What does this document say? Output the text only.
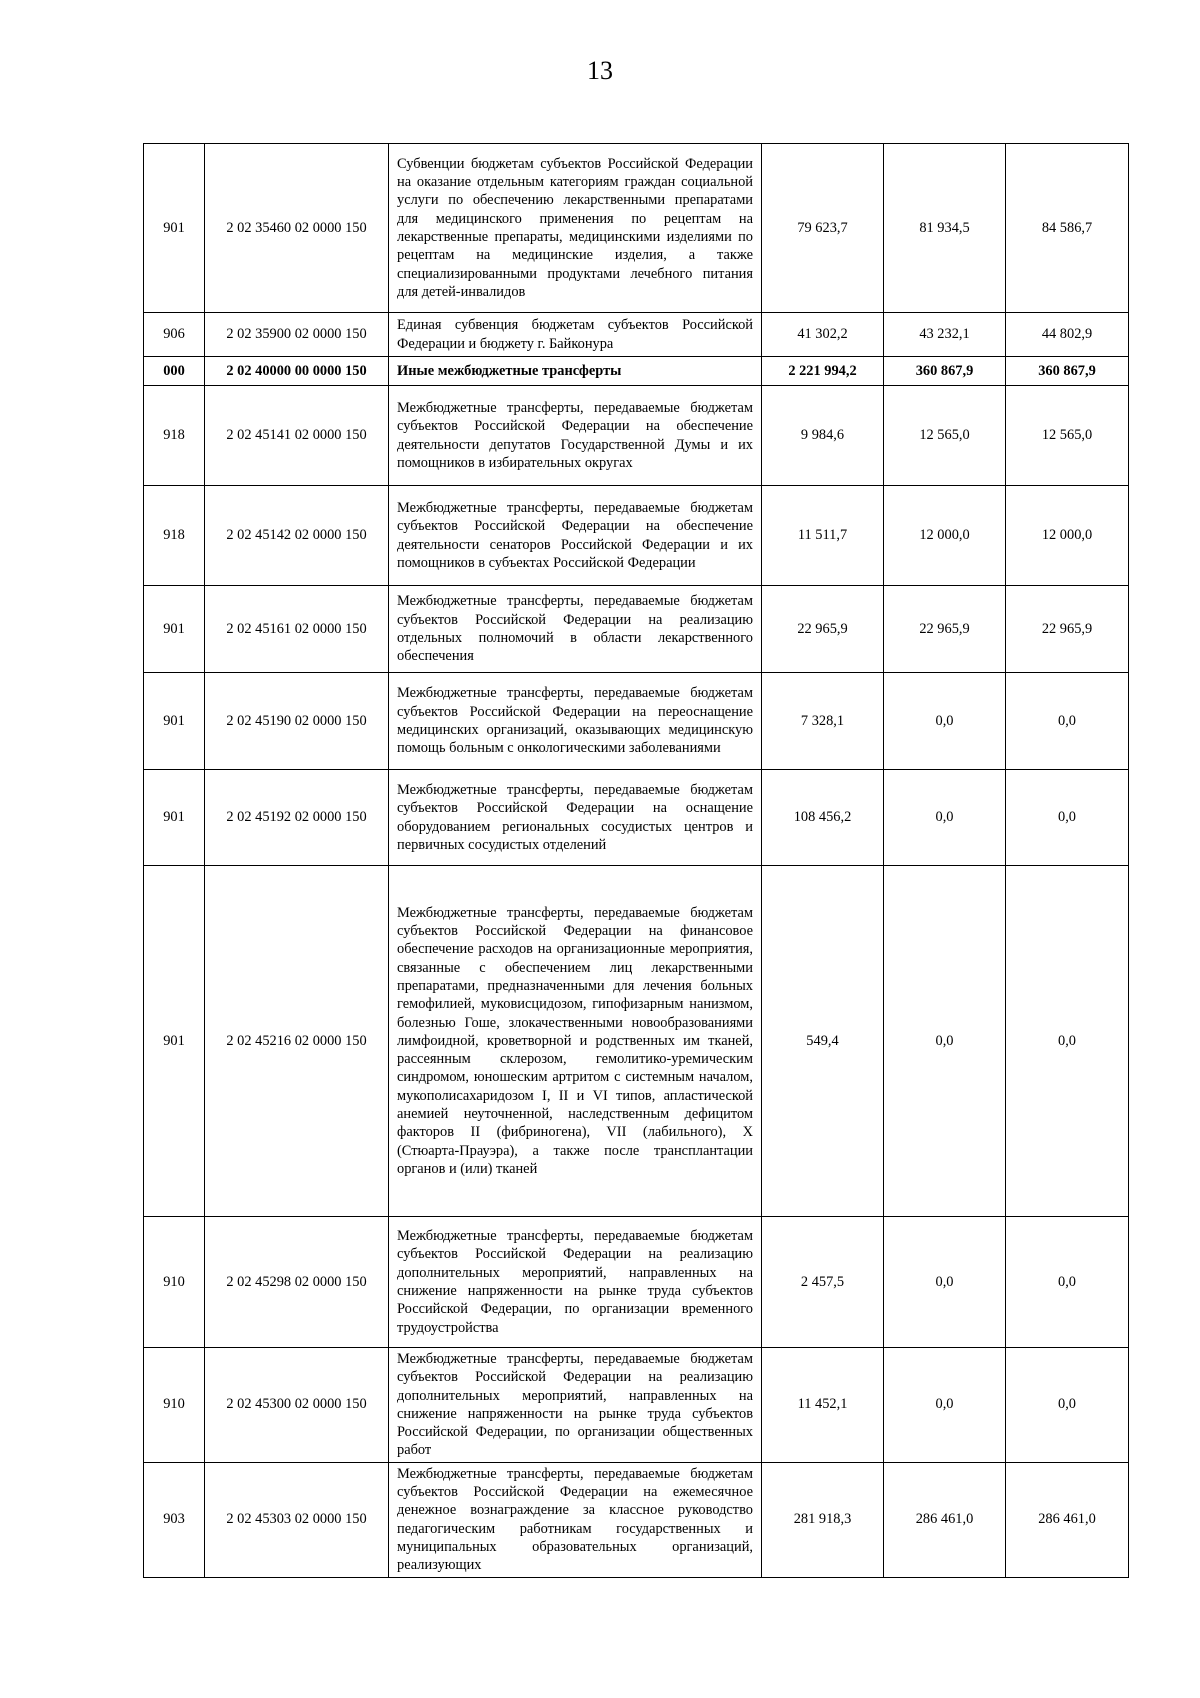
13
901	2 02 35460 02 0000 150	Субвенции бюджетам субъектов Российской Федерации на оказание отдельным категориям граждан социальной услуги по обеспечению лекарственными препаратами для медицинского применения по рецептам на лекарственные препараты, медицинскими изделиями по рецептам на медицинские изделия, а также специализированными продуктами лечебного питания для детей-инвалидов	79 623,7	81 934,5	84 586,7
906	2 02 35900 02 0000 150	Единая субвенция бюджетам субъектов Российской Федерации и бюджету г. Байконура	41 302,2	43 232,1	44 802,9
000	2 02 40000 00 0000 150	Иные межбюджетные трансферты	2 221 994,2	360 867,9	360 867,9
918	2 02 45141 02 0000 150	Межбюджетные трансферты, передаваемые бюджетам субъектов Российской Федерации на обеспечение деятельности депутатов Государственной Думы и их помощников в избирательных округах	9 984,6	12 565,0	12 565,0
918	2 02 45142 02 0000 150	Межбюджетные трансферты, передаваемые бюджетам субъектов Российской Федерации на обеспечение деятельности сенаторов Российской Федерации и их помощников в субъектах Российской Федерации	11 511,7	12 000,0	12 000,0
901	2 02 45161 02 0000 150	Межбюджетные трансферты, передаваемые бюджетам субъектов Российской Федерации на реализацию отдельных полномочий в области лекарственного обеспечения	22 965,9	22 965,9	22 965,9
901	2 02 45190 02 0000 150	Межбюджетные трансферты, передаваемые бюджетам субъектов Российской Федерации на переоснащение медицинских организаций, оказывающих медицинскую помощь больным с онкологическими заболеваниями	7 328,1	0,0	0,0
901	2 02 45192 02 0000 150	Межбюджетные трансферты, передаваемые бюджетам субъектов Российской Федерации на оснащение оборудованием региональных сосудистых центров и первичных сосудистых отделений	108 456,2	0,0	0,0
901	2 02 45216 02 0000 150	Межбюджетные трансферты, передаваемые бюджетам субъектов Российской Федерации на финансовое обеспечение расходов на организационные мероприятия, связанные с обеспечением лиц лекарственными препаратами, предназначенными для лечения больных гемофилией, муковисцидозом, гипофизарным нанизмом, болезнью Гоше, злокачественными новообразованиями лимфоидной, кроветворной и родственных им тканей, рассеянным склерозом, гемолитико-уремическим синдромом, юношеским артритом с системным началом, мукополисахаридозом I, II и VI типов, апластической анемией неуточненной, наследственным дефицитом факторов II (фибриногена), VII (лабильного), X (Стюарта-Прауэра), а также после трансплантации органов и (или) тканей	549,4	0,0	0,0
910	2 02 45298 02 0000 150	Межбюджетные трансферты, передаваемые бюджетам субъектов Российской Федерации на реализацию дополнительных мероприятий, направленных на снижение напряженности на рынке труда субъектов Российской Федерации, по организации временного трудоустройства	2 457,5	0,0	0,0
910	2 02 45300 02 0000 150	Межбюджетные трансферты, передаваемые бюджетам субъектов Российской Федерации на реализацию дополнительных мероприятий, направленных на снижение напряженности на рынке труда субъектов Российской Федерации, по организации общественных работ	11 452,1	0,0	0,0
903	2 02 45303 02 0000 150	Межбюджетные трансферты, передаваемые бюджетам субъектов Российской Федерации на ежемесячное денежное вознаграждение за классное руководство педагогическим работникам государственных и муниципальных образовательных организаций, реализующих	281 918,3	286 461,0	286 461,0
